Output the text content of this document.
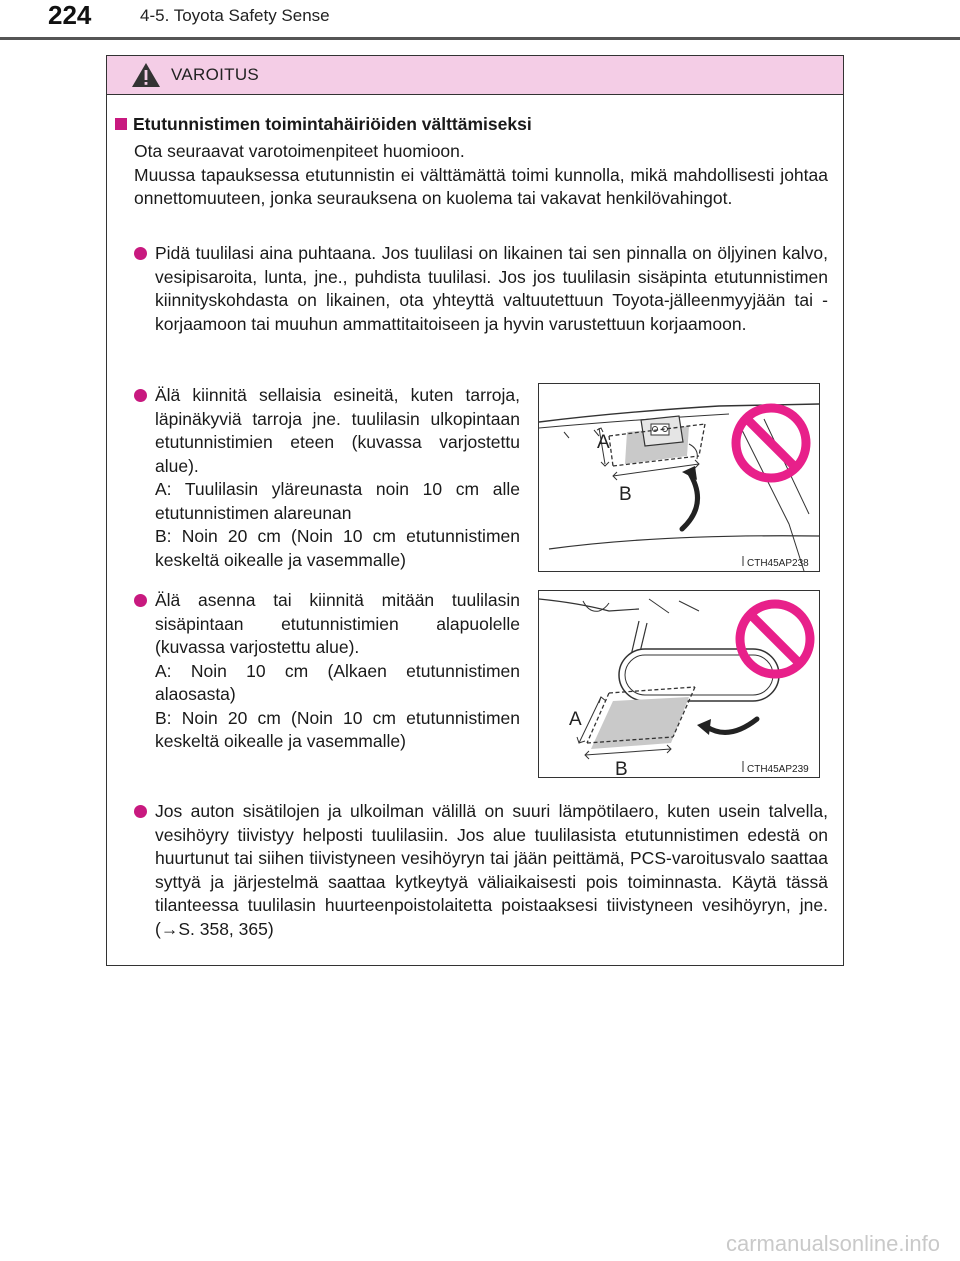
224	4-5. Toyota Safety Sense
VAROITUS
Etutunnistimen toimintahäiriöiden välttämiseksi
Ota seuraavat varotoimenpiteet huomioon.
Muussa tapauksessa etutunnistin ei välttämättä toimi kunnolla, mikä mahdollisesti johtaa onnettomuuteen, jonka seurauksena on kuolema tai vakavat henkilövahingot.
Pidä tuulilasi aina puhtaana. Jos tuulilasi on likainen tai sen pinnalla on öljyinen kalvo, vesipisaroita, lunta, jne., puhdista tuulilasi. Jos jos tuulilasin sisäpinta etutunnistimen kiinnityskohdasta on likainen, ota yhteyttä valtuutettuun Toyota-jälleenmyyjään tai -korjaamoon tai muuhun ammattitaitoiseen ja hyvin varustettuun korjaamoon.
Älä kiinnitä sellaisia esineitä, kuten tarroja, läpinäkyviä tarroja jne. tuulilasin ulkopintaan etutunnistimien eteen (kuvassa varjostettu alue).
A: Tuulilasin yläreunasta noin 10 cm alle etutunnistimen alareunan
B: Noin 20 cm (Noin 10 cm etutunnistimen keskeltä oikealle ja vasemmalle)
Älä asenna tai kiinnitä mitään tuulilasin sisäpintaan etutunnistimien alapuolelle (kuvassa varjostettu alue).
A: Noin 10 cm (Alkaen etutunnistimen alaosasta)
B: Noin 20 cm (Noin 10 cm etutunnistimen keskeltä oikealle ja vasemmalle)
Jos auton sisätilojen ja ulkoilman välillä on suuri lämpötilaero, kuten usein talvella, vesihöyry tiivistyy helposti tuulilasiin. Jos alue tuulilasista etutunnistimen edestä on huurtunut tai siihen tiivistyneen vesihöyryn tai jään peittämä, PCS-varoitusvalo saattaa syttyä ja järjestelmä saattaa kytkeytyä väliaikaisesti pois toiminnasta. Käytä tässä tilanteessa tuulilasin huurteenpoistolaitetta poistaaksesi tiivistyneen vesihöyryn, jne. (→S. 358, 365)
A
B
CTH45AP238
A
B	CTH45AP239
carmanualsonline.info
